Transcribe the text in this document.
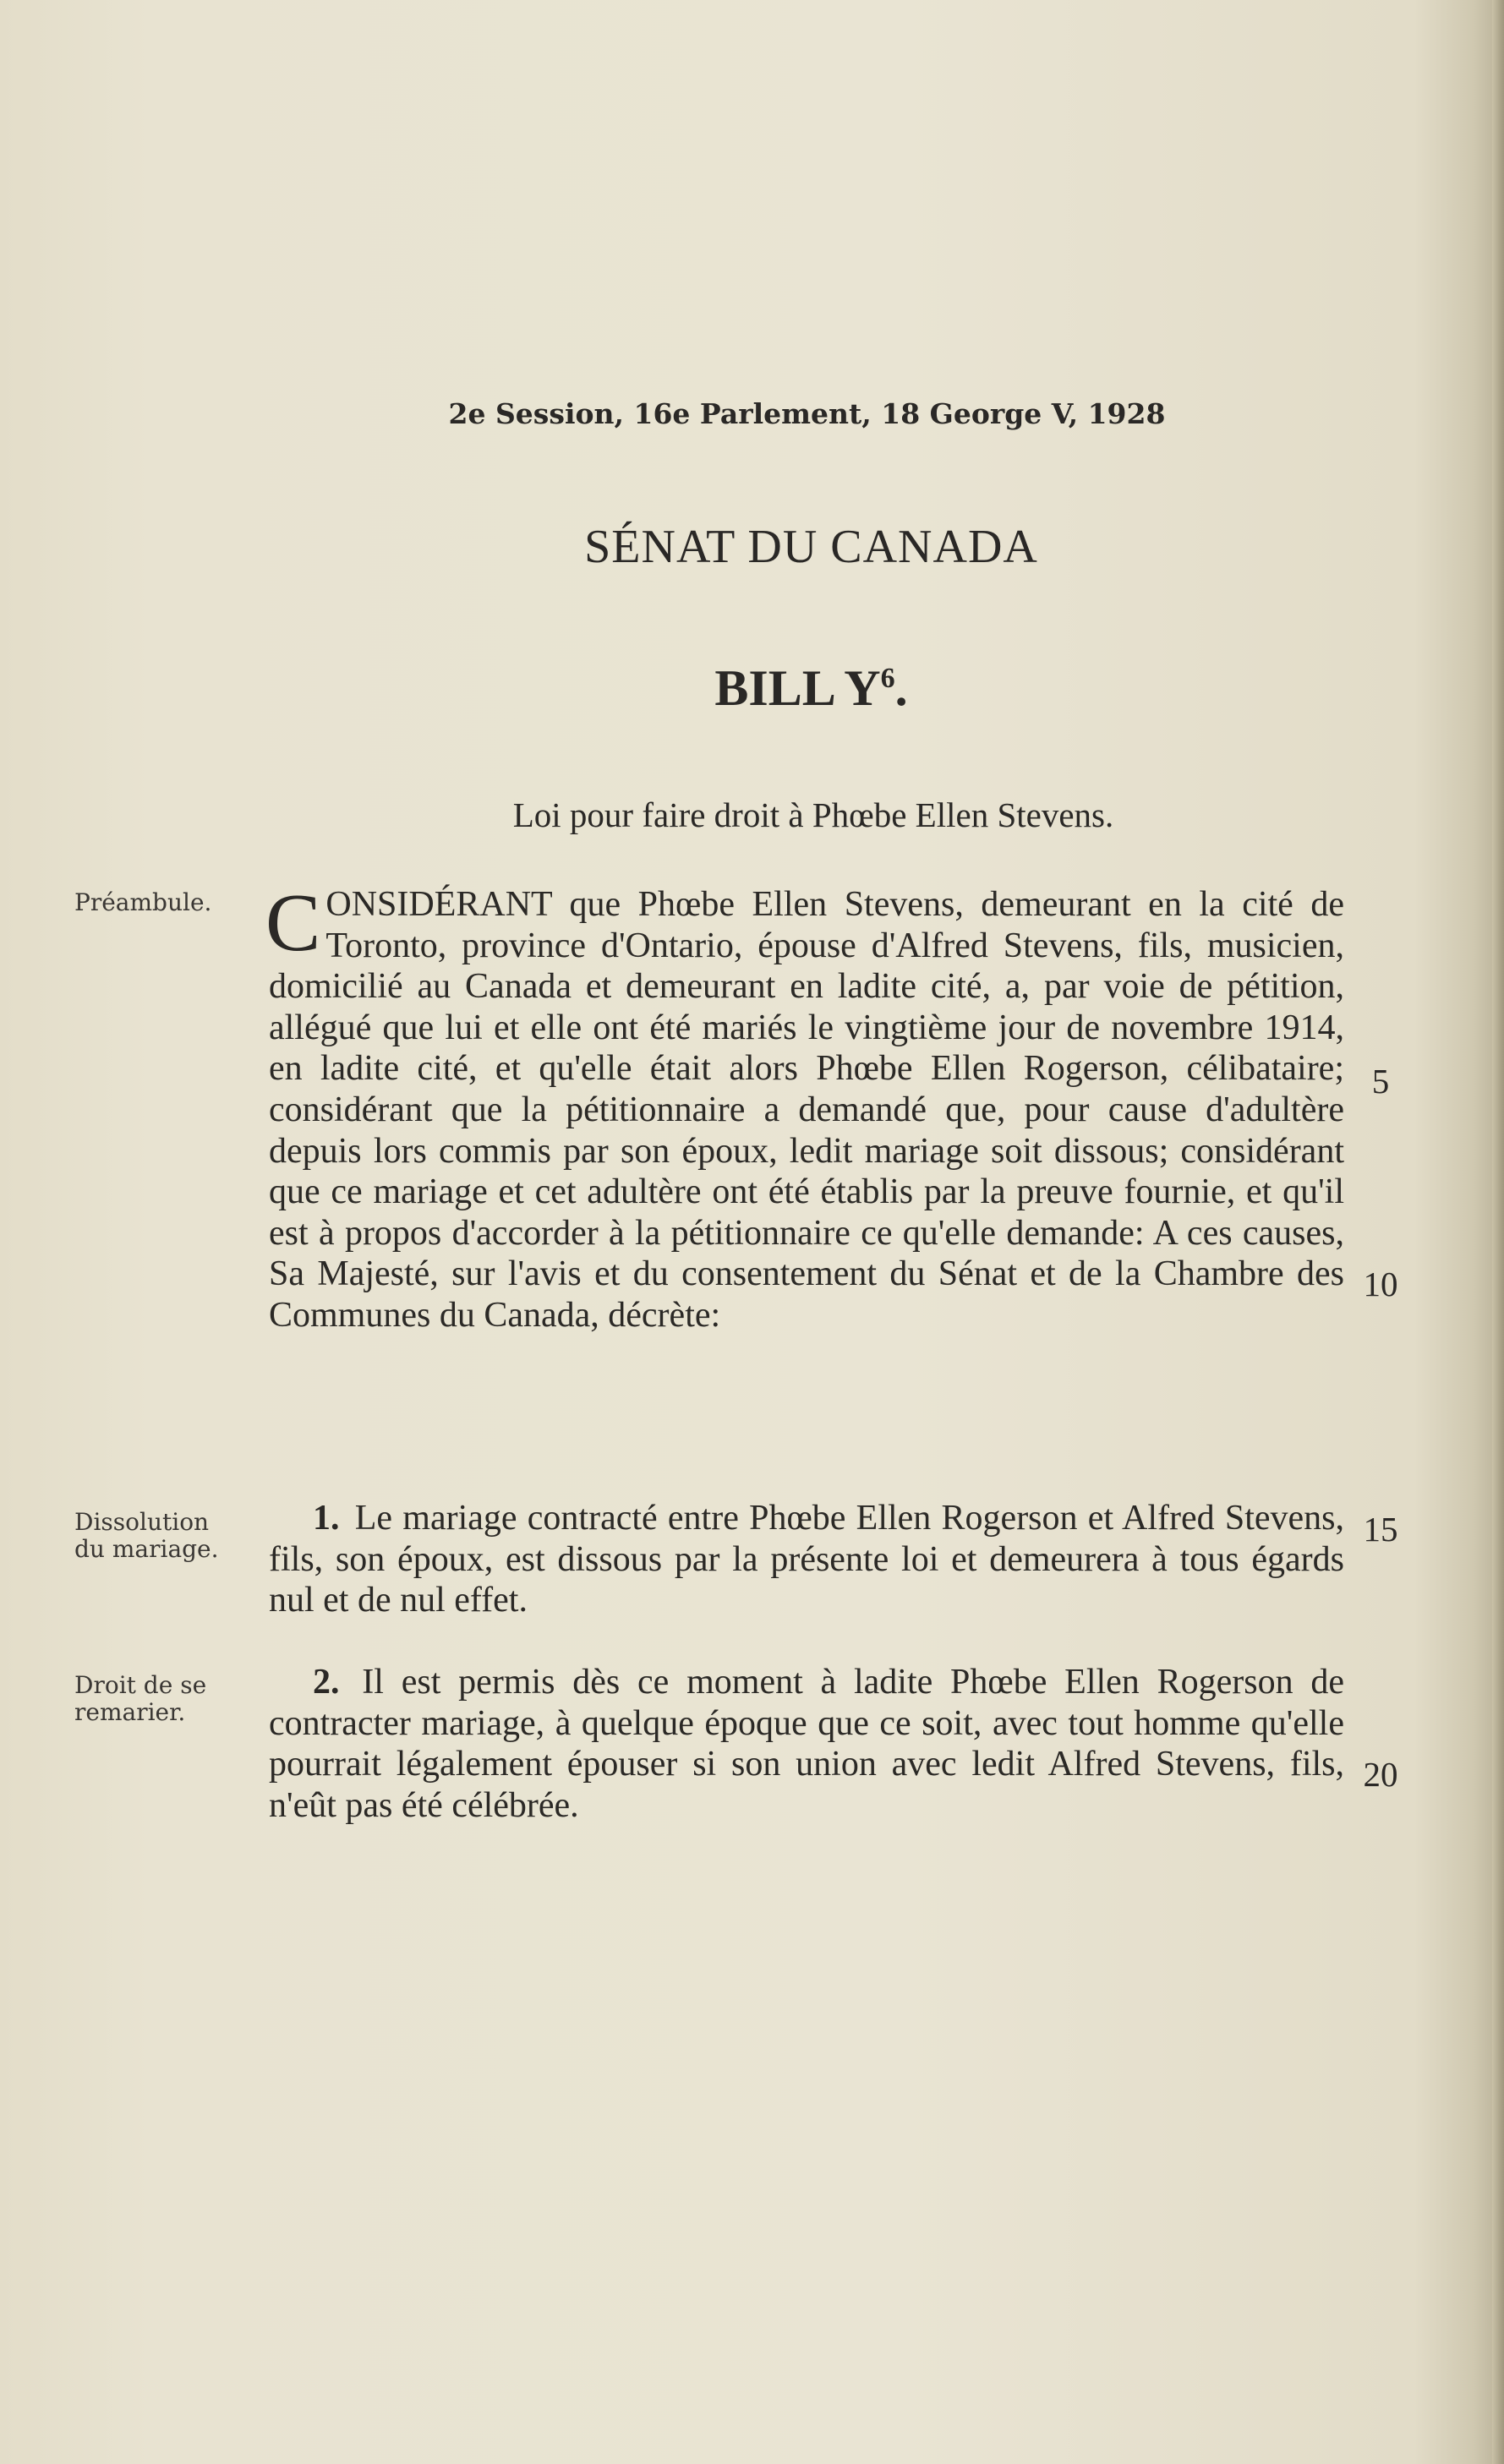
2e Session, 16e Parlement, 18 George V, 1928
SÉNAT DU CANADA
BILL $Y^6$.
Loi pour faire droit à Phœbe Ellen Stevens.
Préambule.
Dissolution du mariage.
Droit de se remarier.
CONSIDÉRANT que Phœbe Ellen Stevens, demeurant en la cité de Toronto, province d'Ontario, épouse d'Alfred Stevens, fils, musicien, domicilié au Canada et demeurant en ladite cité, a, par voie de pétition, allégué que lui et elle ont été mariés le vingtième jour de novembre 1914, en ladite cité, et qu'elle était alors Phœbe Ellen Rogerson, célibataire; considérant que la pétitionnaire a demandé que, pour cause d'adultère depuis lors commis par son époux, ledit mariage soit dissous; considérant que ce mariage et cet adultère ont été établis par la preuve fournie, et qu'il est à propos d'accorder à la pétitionnaire ce qu'elle demande: A ces causes, Sa Majesté, sur l'avis et du consentement du Sénat et de la Chambre des Communes du Canada, décrète:
1. Le mariage contracté entre Phœbe Ellen Rogerson et Alfred Stevens, fils, son époux, est dissous par la présente loi et demeurera à tous égards nul et de nul effet.
2. Il est permis dès ce moment à ladite Phœbe Ellen Rogerson de contracter mariage, à quelque époque que ce soit, avec tout homme qu'elle pourrait légalement épouser si son union avec ledit Alfred Stevens, fils, n'eût pas été célébrée.
5
10
15
20
